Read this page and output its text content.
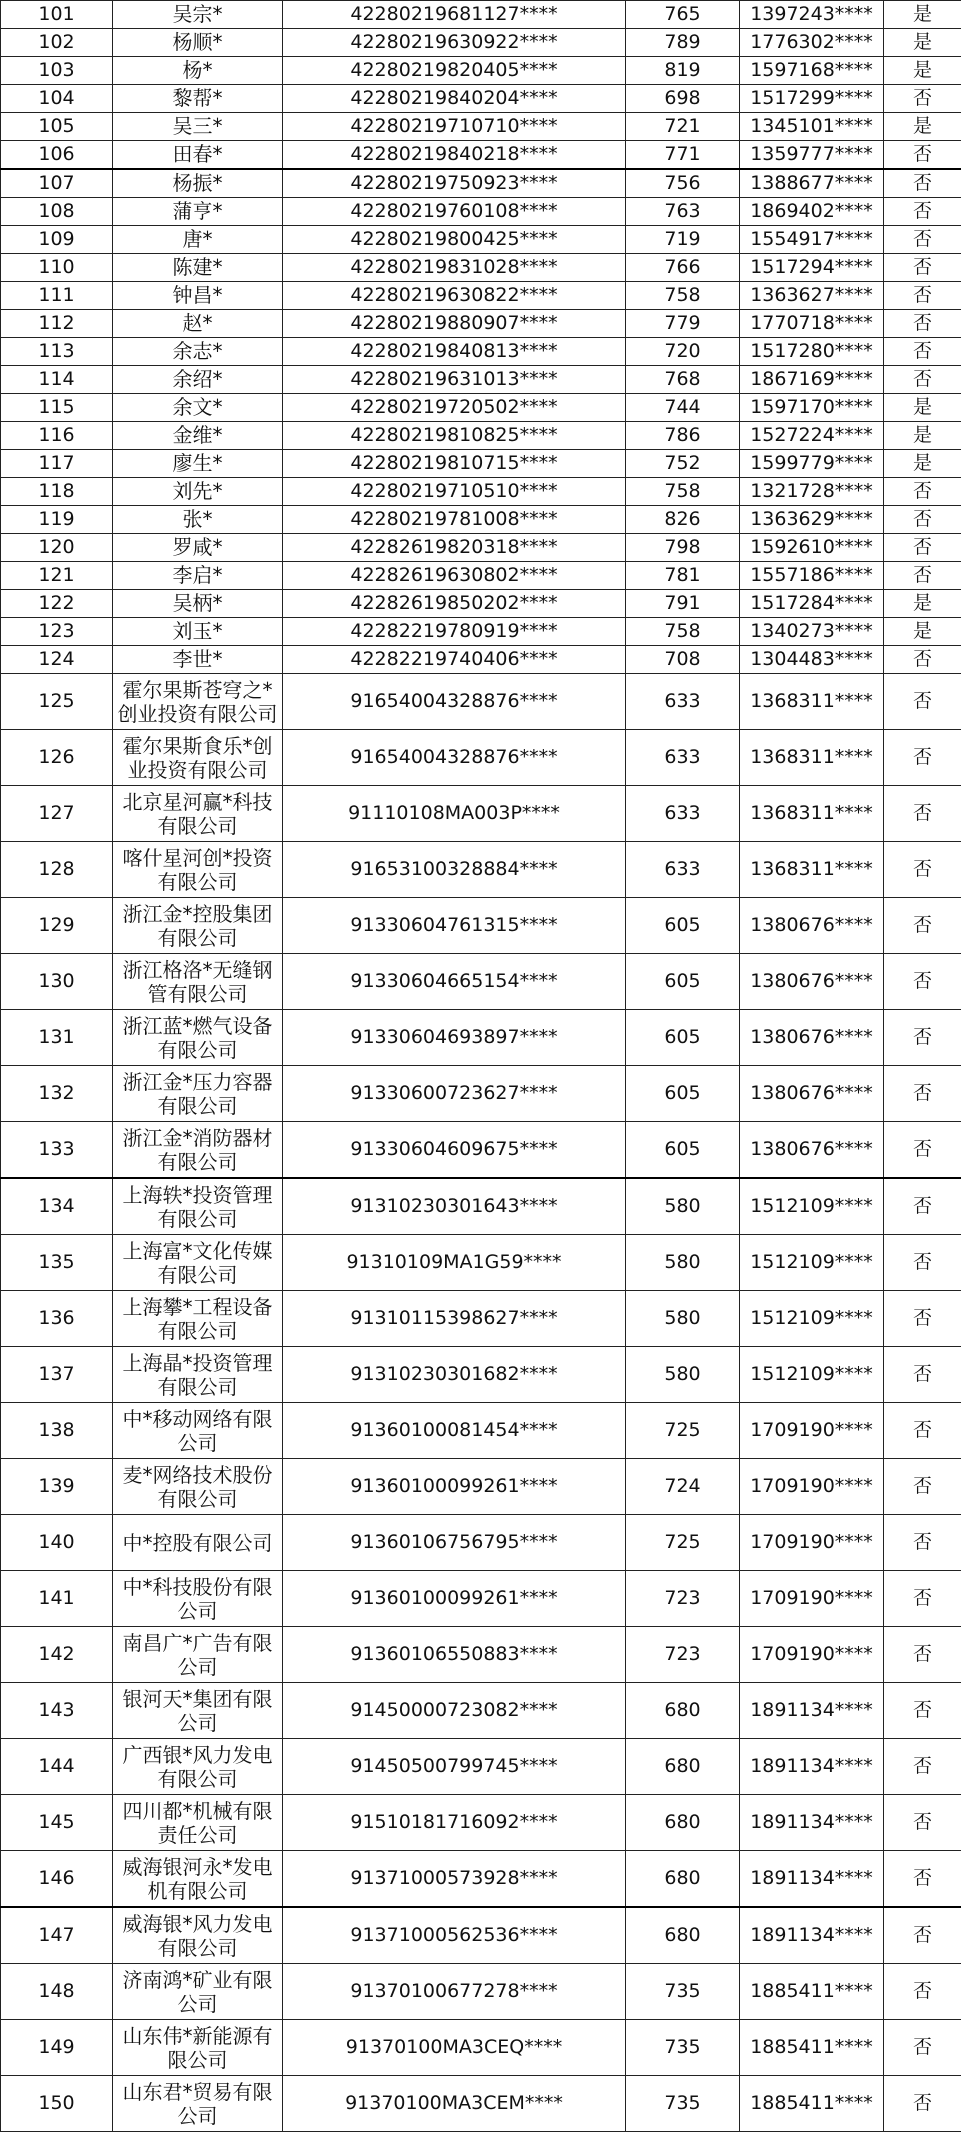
101	吴宗*	42280219681127****	765	1397243****	是
102	杨顺*	42280219630922****	789	1776302****	是
103	杨*	42280219820405****	819	1597168****	是
104	黎帮*	42280219840204****	698	1517299****	否
105	吴三*	42280219710710****	721	1345101****	是
106	田春*	42280219840218****	771	1359777****	否
107	杨振*	42280219750923****	756	1388677****	否
108	蒲亨*	42280219760108****	763	1869402****	否
109	唐*	42280219800425****	719	1554917****	否
110	陈建*	42280219831028****	766	1517294****	否
111	钟昌*	42280219630822****	758	1363627****	否
112	赵*	42280219880907****	779	1770718****	否
113	余志*	42280219840813****	720	1517280****	否
114	余绍*	42280219631013****	768	1867169****	否
115	余文*	42280219720502****	744	1597170****	是
116	金维*	42280219810825****	786	1527224****	是
117	廖生*	42280219810715****	752	1599779****	是
118	刘先*	42280219710510****	758	1321728****	否
119	张*	42280219781008****	826	1363629****	否
120	罗咸*	42282619820318****	798	1592610****	否
121	李启*	42282619630802****	781	1557186****	否
122	吴柄*	42282619850202****	791	1517284****	是
123	刘玉*	42282219780919****	758	1340273****	是
124	李世*	42282219740406****	708	1304483****	否
125	霍尔果斯苍穹之*创业投资有限公司	91654004328876****	633	1368311****	否
126	霍尔果斯食乐*创业投资有限公司	91654004328876****	633	1368311****	否
127	北京星河赢*科技有限公司	91110108MA003P****	633	1368311****	否
128	喀什星河创*投资有限公司	91653100328884****	633	1368311****	否
129	浙江金*控股集团有限公司	91330604761315****	605	1380676****	否
130	浙江格洛*无缝钢管有限公司	91330604665154****	605	1380676****	否
131	浙江蓝*燃气设备有限公司	91330604693897****	605	1380676****	否
132	浙江金*压力容器有限公司	91330600723627****	605	1380676****	否
133	浙江金*消防器材有限公司	91330604609675****	605	1380676****	否
134	上海轶*投资管理有限公司	91310230301643****	580	1512109****	否
135	上海富*文化传媒有限公司	91310109MA1G59****	580	1512109****	否
136	上海攀*工程设备有限公司	91310115398627****	580	1512109****	否
137	上海晶*投资管理有限公司	91310230301682****	580	1512109****	否
138	中*移动网络有限公司	91360100081454****	725	1709190****	否
139	麦*网络技术股份有限公司	91360100099261****	724	1709190****	否
140	中*控股有限公司	91360106756795****	725	1709190****	否
141	中*科技股份有限公司	91360100099261****	723	1709190****	否
142	南昌广*广告有限公司	91360106550883****	723	1709190****	否
143	银河天*集团有限公司	91450000723082****	680	1891134****	否
144	广西银*风力发电有限公司	91450500799745****	680	1891134****	否
145	四川都*机械有限责任公司	91510181716092****	680	1891134****	否
146	威海银河永*发电机有限公司	91371000573928****	680	1891134****	否
147	威海银*风力发电有限公司	91371000562536****	680	1891134****	否
148	济南鸿*矿业有限公司	91370100677278****	735	1885411****	否
149	山东伟*新能源有限公司	91370100MA3CEQ****	735	1885411****	否
150	山东君*贸易有限公司	91370100MA3CEM****	735	1885411****	否
